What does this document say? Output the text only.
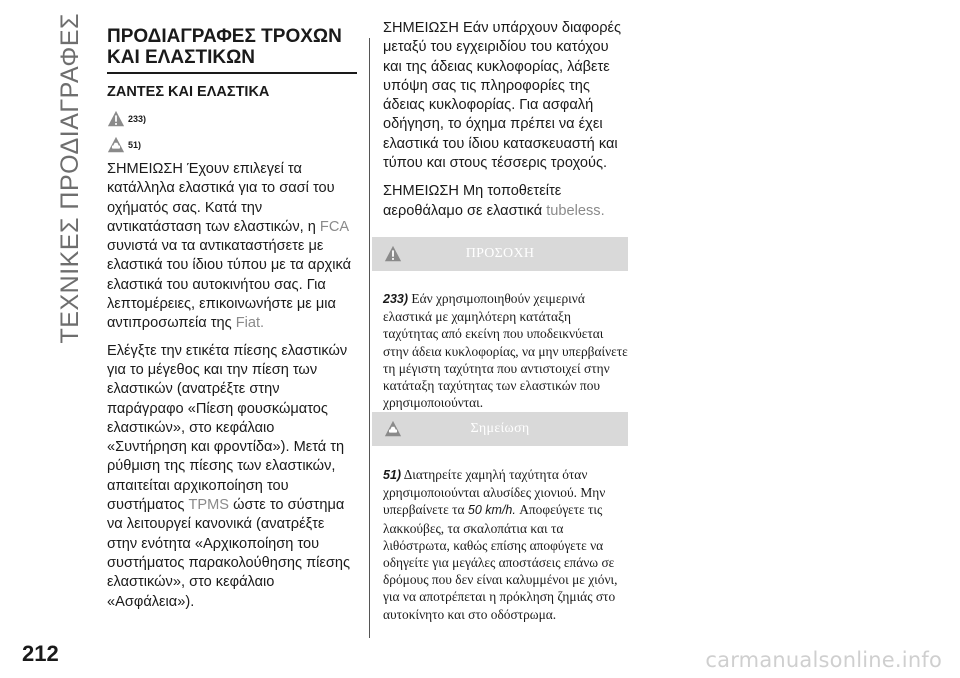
ΤΕΧΝΙΚΕΣ ΠΡΟΔΙΑΓΡΑΦΕΣ ΠΡΟΔΙΑΓΡΑΦΕΣ ΤΡΟΧΩΝ
ΚΑΙ ΕΛΑΣΤΙΚΩΝ
ΖΑΝΤΕΣ ΚΑΙ ΕΛΑΣΤΙΚΑ
233)
51)

ΣΗΜΕΙΩΣΗ Έχουν επιλεγεί τα κατάλληλα ελαστικά για το σασί του οχήματός σας. Κατά την αντικατάσταση των ελαστικών, η FCA συνιστά να τα αντικαταστήσετε με ελαστικά του ίδιου τύπου με τα αρχικά ελαστικά του αυτοκινήτου σας. Για λεπτομέρειες, επικοινωνήστε με μια αντιπροσωπεία της Fiat.

Ελέγξτε την ετικέτα πίεσης ελαστικών για το μέγεθος και την πίεση των ελαστικών (ανατρέξτε στην παράγραφο «Πίεση φουσκώματος ελαστικών», στο κεφάλαιο «Συντήρηση και φροντίδα»). Μετά τη ρύθμιση της πίεσης των ελαστικών, απαιτείται αρχικοποίηση του συστήματος TPMS ώστε το σύστημα να λειτουργεί κανονικά (ανατρέξτε στην ενότητα «Αρχικοποίηση του συστήματος παρακολούθησης πίεσης ελαστικών», στο κεφάλαιο «Ασφάλεια»).

ΣΗΜΕΙΩΣΗ Εάν υπάρχουν διαφορές μεταξύ του εγχειριδίου του κατόχου και της άδειας κυκλοφορίας, λάβετε υπόψη σας τις πληροφορίες της άδειας κυκλοφορίας. Για ασφαλή οδήγηση, το όχημα πρέπει να έχει ελαστικά του ίδιου κατασκευαστή και τύπου και στους τέσσερις τροχούς.

ΣΗΜΕΙΩΣΗ Μη τοποθετείτε αεροθάλαμο σε ελαστικά tubeless.

ΠΡΟΣΟΧΗ
233) Εάν χρησιμοποιηθούν χειμερινά ελαστικά με χαμηλότερη κατάταξη ταχύτητας από εκείνη που υποδεικνύεται στην άδεια κυκλοφορίας, να μην υπερβαίνετε τη μέγιστη ταχύτητα που αντιστοιχεί στην κατάταξη ταχύτητας των ελαστικών που χρησιμοποιούνται.
Σημείωση
51) Διατηρείτε χαμηλή ταχύτητα όταν χρησιμοποιούνται αλυσίδες χιονιού. Μην υπερβαίνετε τα 50 km/h. Αποφεύγετε τις λακκούβες, τα σκαλοπάτια και τα λιθόστρωτα, καθώς επίσης αποφύγετε να οδηγείτε για μεγάλες αποστάσεις επάνω σε δρόμους που δεν είναι καλυμμένοι με χιόνι, για να αποτρέπεται η πρόκληση ζημιάς στο αυτοκίνητο και στο οδόστρωμα.
212	carmanualsonline.info
